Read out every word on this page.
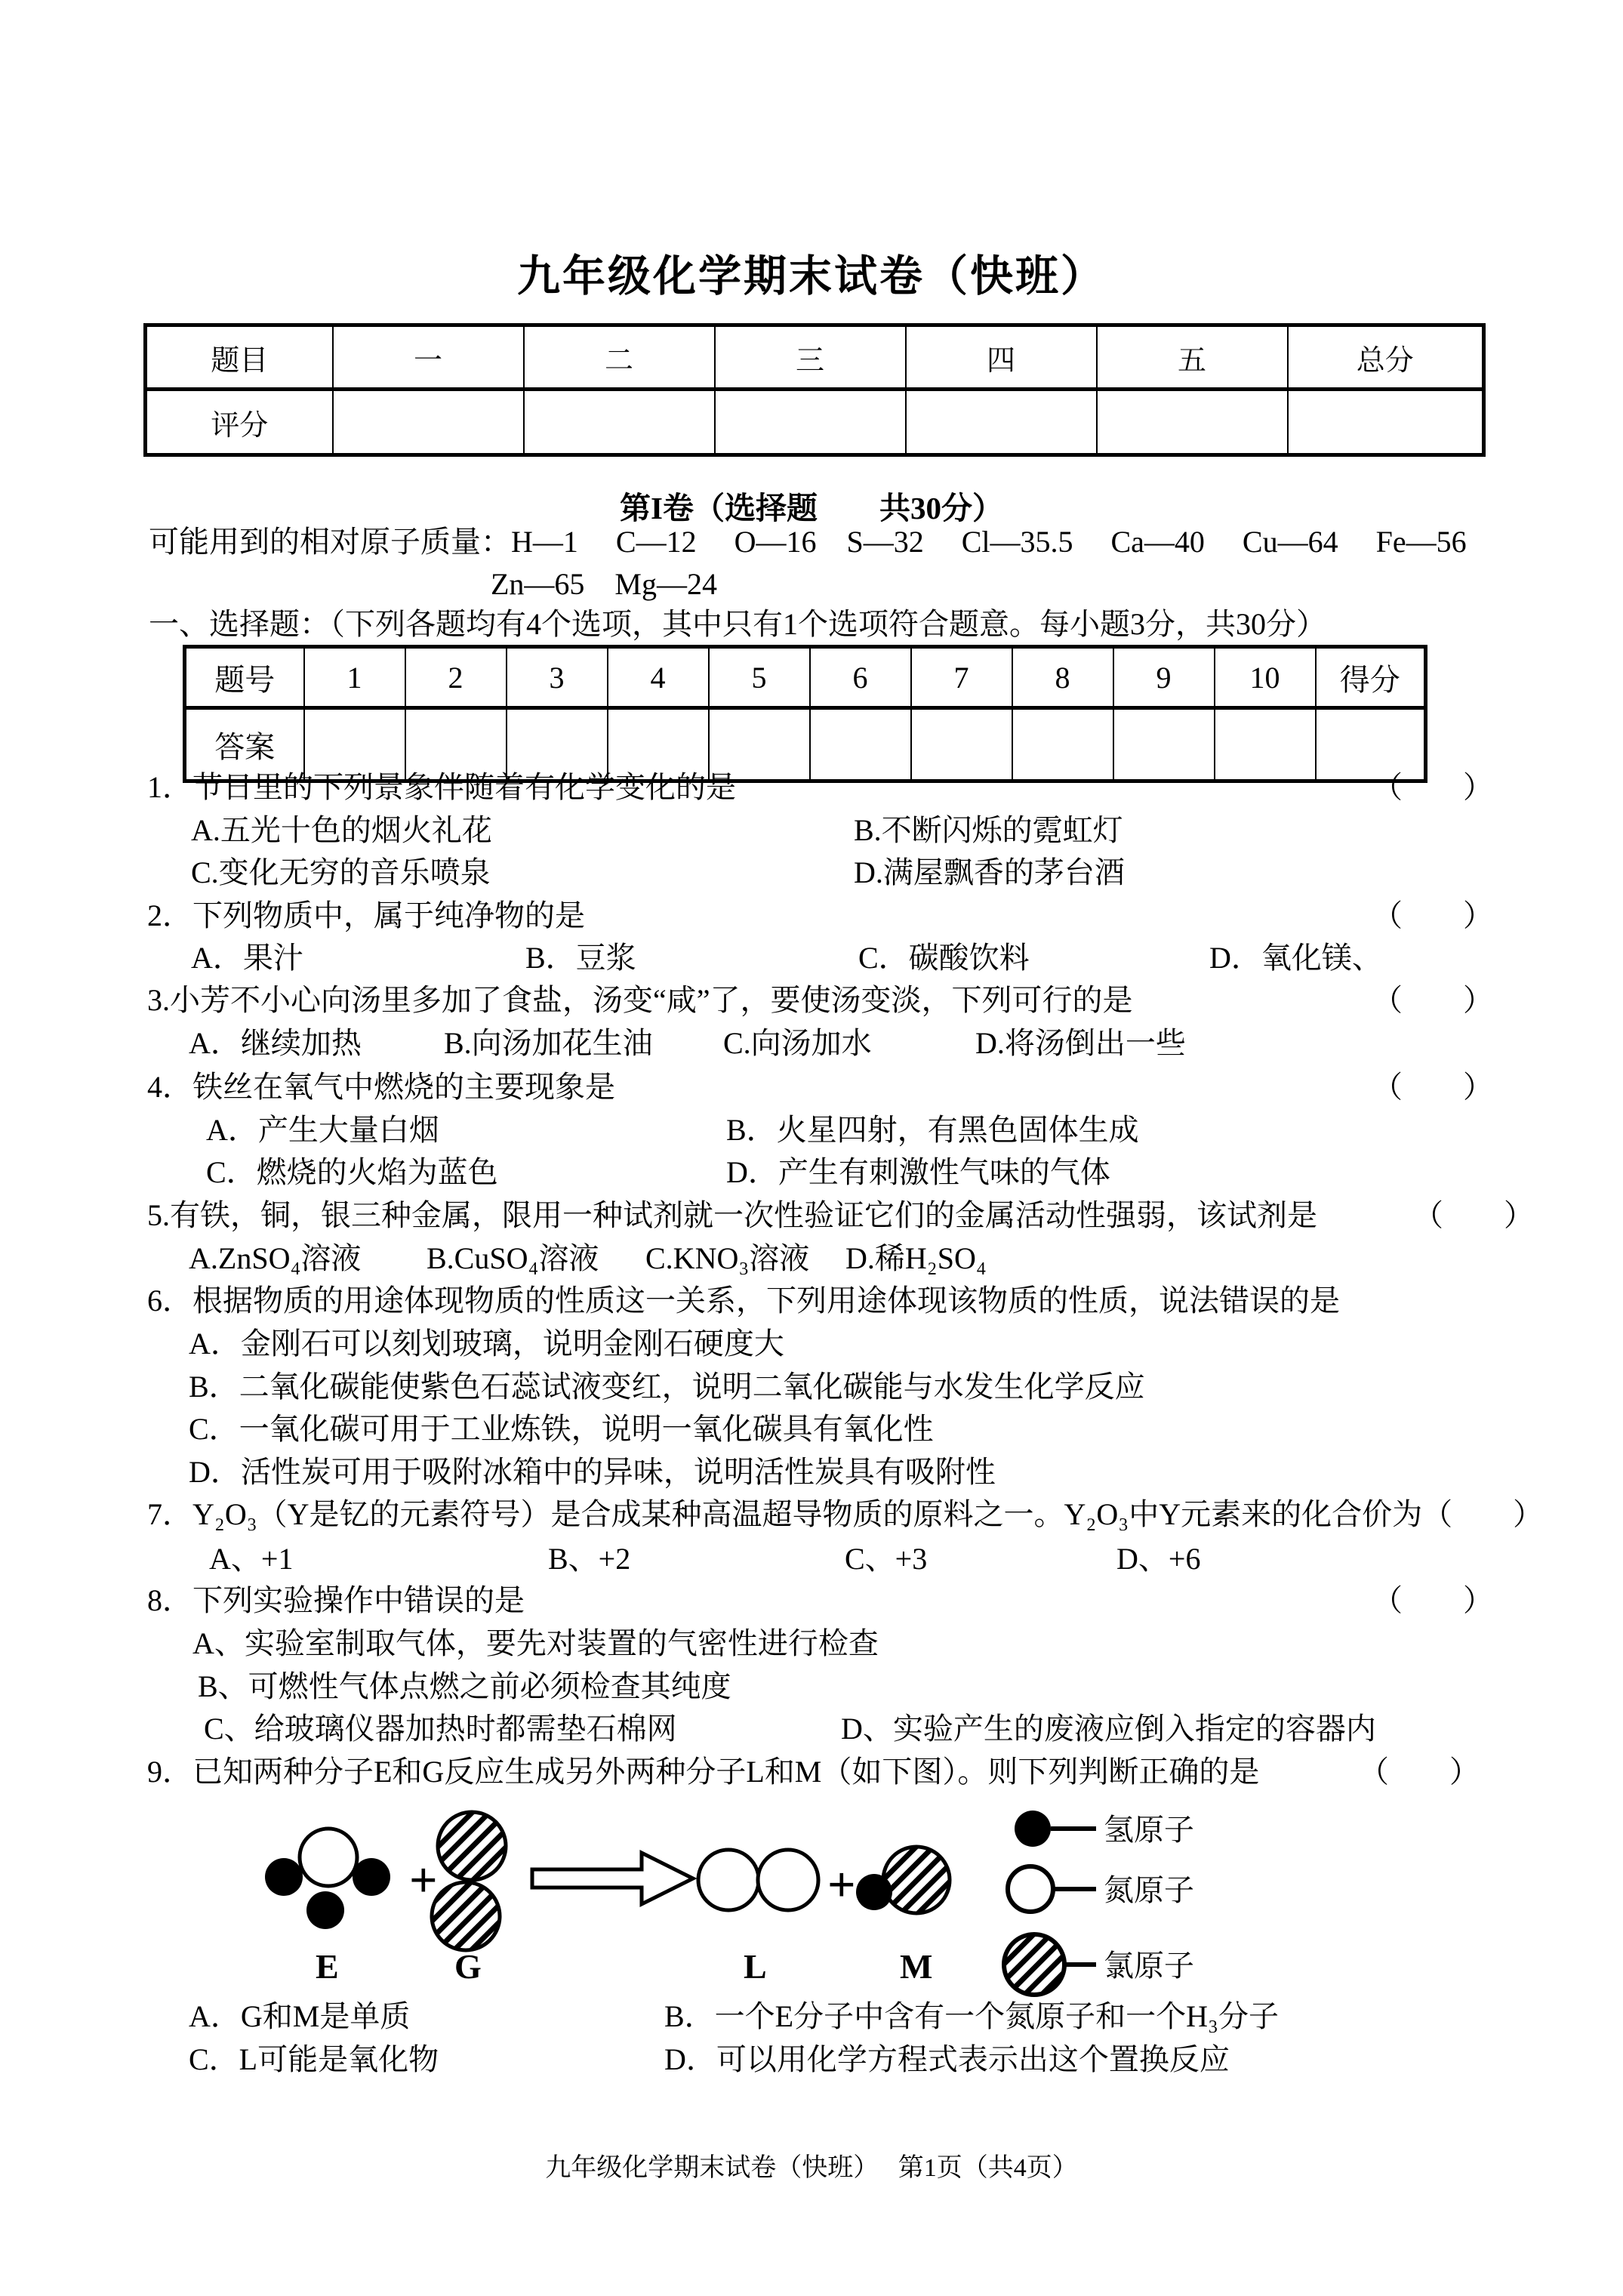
九年级化学期末试卷（快班）
题目	一	二	三	四	五	总分
评分						
第I卷（选择题　　共30分）
可能用到的相对原子质量：H—1　 C—12　 O—16　S—32　 Cl—35.5　 Ca—40　 Cu—64　 Fe—56
Zn—65　Mg—24
一、选择题：（下列各题均有4个选项，其中只有1个选项符合题意。每小题3分，共30分）
题号	1	2	3	4	5	6	7	8	9	10	得分
答案											
1．节日里的下列景象伴随着有化学变化的是	（　　）
A.五光十色的烟火礼花	B.不断闪烁的霓虹灯
C.变化无穷的音乐喷泉	D.满屋飘香的茅台酒
2．下列物质中，属于纯净物的是	（　　）
A．果汁	B．豆浆	C．碳酸饮料	D．氧化镁、
3.小芳不小心向汤里多加了食盐，汤变“咸”了，要使汤变淡，下列可行的是	（　　）
A．继续加热	B.向汤加花生油 C.向汤加水	D.将汤倒出一些
4．铁丝在氧气中燃烧的主要现象是	（　　）
A．产生大量白烟	B．火星四射，有黑色固体生成
C．燃烧的火焰为蓝色	D．产生有刺激性气味的气体
5.有铁，铜，银三种金属，限用一种试剂就一次性验证它们的金属活动性强弱，该试剂是	（　　）
A.ZnSO₄溶液 B.CuSO₄溶液 C.KNO₃溶液 D.稀H₂SO₄
6．根据物质的用途体现物质的性质这一关系，下列用途体现该物质的性质，说法错误的是
A．金刚石可以刻划玻璃，说明金刚石硬度大
B．二氧化碳能使紫色石蕊试液变红，说明二氧化碳能与水发生化学反应
C．一氧化碳可用于工业炼铁，说明一氧化碳具有氧化性
D．活性炭可用于吸附冰箱中的异味，说明活性炭具有吸附性
7．Y₂O₃（Y是钇的元素符号）是合成某种高温超导物质的原料之一。Y₂O₃中Y元素来的化合价为（　　）
A、+1	B、+2	C、+3	D、+6
8．下列实验操作中错误的是	（　　）
A、实验室制取气体，要先对装置的气密性进行检查
B、可燃性气体点燃之前必须检查其纯度
C、给玻璃仪器加热时都需垫石棉网	D、实验产生的废液应倒入指定的容器内
9．已知两种分子E和G反应生成另外两种分子L和M（如下图）。则下列判断正确的是	（　　）
+	+
E	G	L	M
氢原子
氮原子
氯原子
A．G和M是单质	B．一个E分子中含有一个氮原子和一个H₃分子
C．L可能是氧化物	D．可以用化学方程式表示出这个置换反应
九年级化学期末试卷（快班）　 第1页（共4页）
